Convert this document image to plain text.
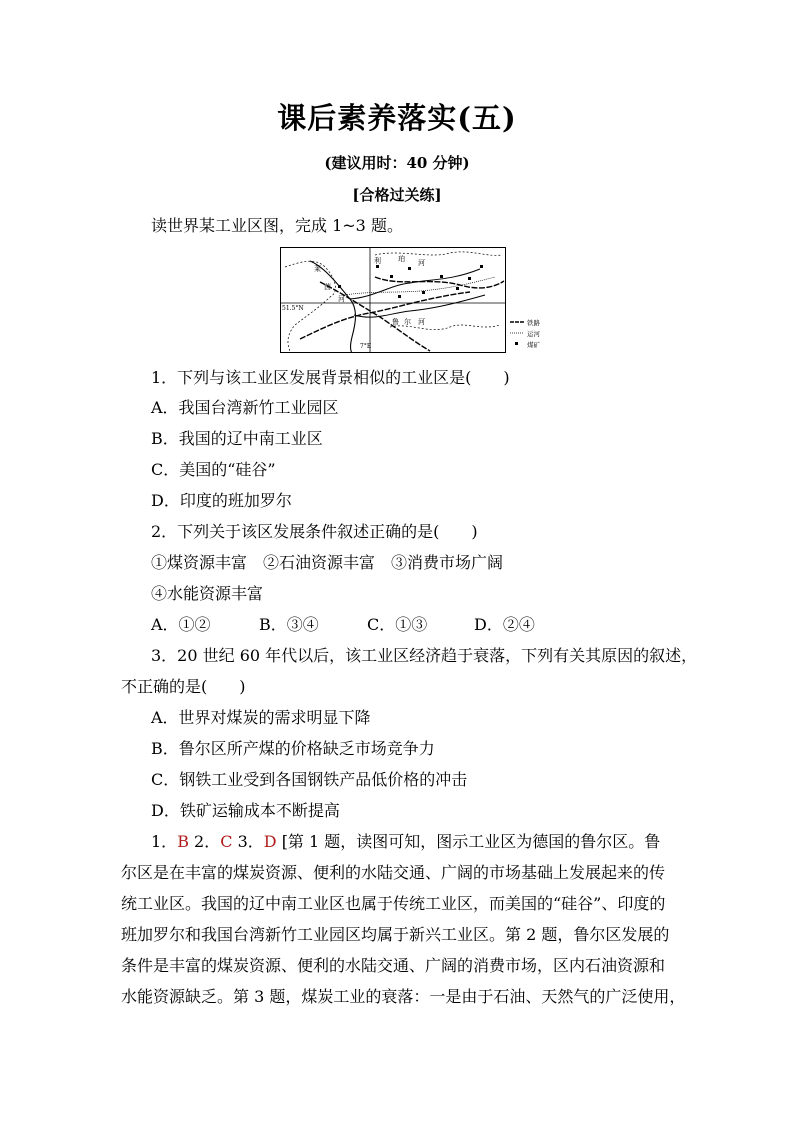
课后素养落实(五)
(建议用时：40 分钟)
[合格过关练]
读世界某工业区图，完成 1~3 题。
莱
茵
河
利 珀 河
鲁 尔 河
51.5°N
7°E
铁路
运河
煤矿
1．下列与该工业区发展背景相似的工业区是(　　)
A．我国台湾新竹工业园区
B．我国的辽中南工业区
C．美国的“硅谷”
D．印度的班加罗尔
2．下列关于该区发展条件叙述正确的是(　　)
①煤资源丰富　②石油资源丰富　③消费市场广阔
④水能资源丰富
A．①②	B．③④	C．①③	D．②④
3．20 世纪 60 年代以后，该工业区经济趋于衰落，下列有关其原因的叙述，
不正确的是(　　)
A．世界对煤炭的需求明显下降
B．鲁尔区所产煤的价格缺乏市场竞争力
C．钢铁工业受到各国钢铁产品低价格的冲击
D．铁矿运输成本不断提高
1．B 2．C 3．D [第 1 题，读图可知，图示工业区为德国的鲁尔区。鲁
尔区是在丰富的煤炭资源、便利的水陆交通、广阔的市场基础上发展起来的传
统工业区。我国的辽中南工业区也属于传统工业区，而美国的“硅谷”、印度的
班加罗尔和我国台湾新竹工业园区均属于新兴工业区。第 2 题，鲁尔区发展的
条件是丰富的煤炭资源、便利的水陆交通、广阔的消费市场，区内石油资源和
水能资源缺乏。第 3 题，煤炭工业的衰落：一是由于石油、天然气的广泛使用，
